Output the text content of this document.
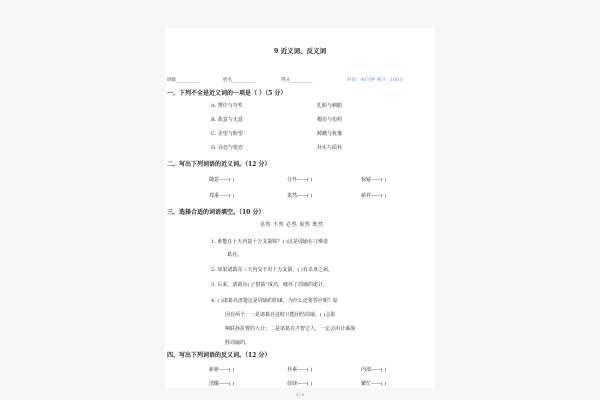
9 近义词、反义词
班级__________	姓名__________	得分__________	时间：40分钟 满分：100分
一、下列不全是近义词的一项是（ ）（5 分）
A. 赞许与夸奖	扎眼与刺眼
B. 故意与无意	模仿与仿照
C. 企望与盼望	踌躇与犹豫
D. 吞恋与依恋	朴实与质朴
二、写出下列词语的近义词。（12 分）
随意——( )	分外——( )	惊疑——( )
郑重——( )	果然——( )	慈祥——( )
三、选择合适的词语填空。（10 分）
虽然 不然 必然 果然 既然
1. 谁能在十天内造十万支箭呢？( )这是周瑜在刁难诸
葛亮。
2. 如果诸葛亮三天内交不出十万支箭，( )有杀身之祸。
3. 后来，诸葛亮( )“借箭”成功，破坏了周瑜的诡计。
4. ( )诸葛亮清楚这是周瑜的阴谋，为什么还要答应呢？原
因有两个：一是诸葛亮这时只能团结周瑜，( )会影
响联孙抗曹的大计；二是诸葛亮才智过人，一定会用计谋战
胜周瑜的。
四、写出下列词语的反义词。（12 分）
崭新——( )	朴素——( )	内部——( )
清醒——( )	放肆——( )	繁忙——( )
1 / 3
